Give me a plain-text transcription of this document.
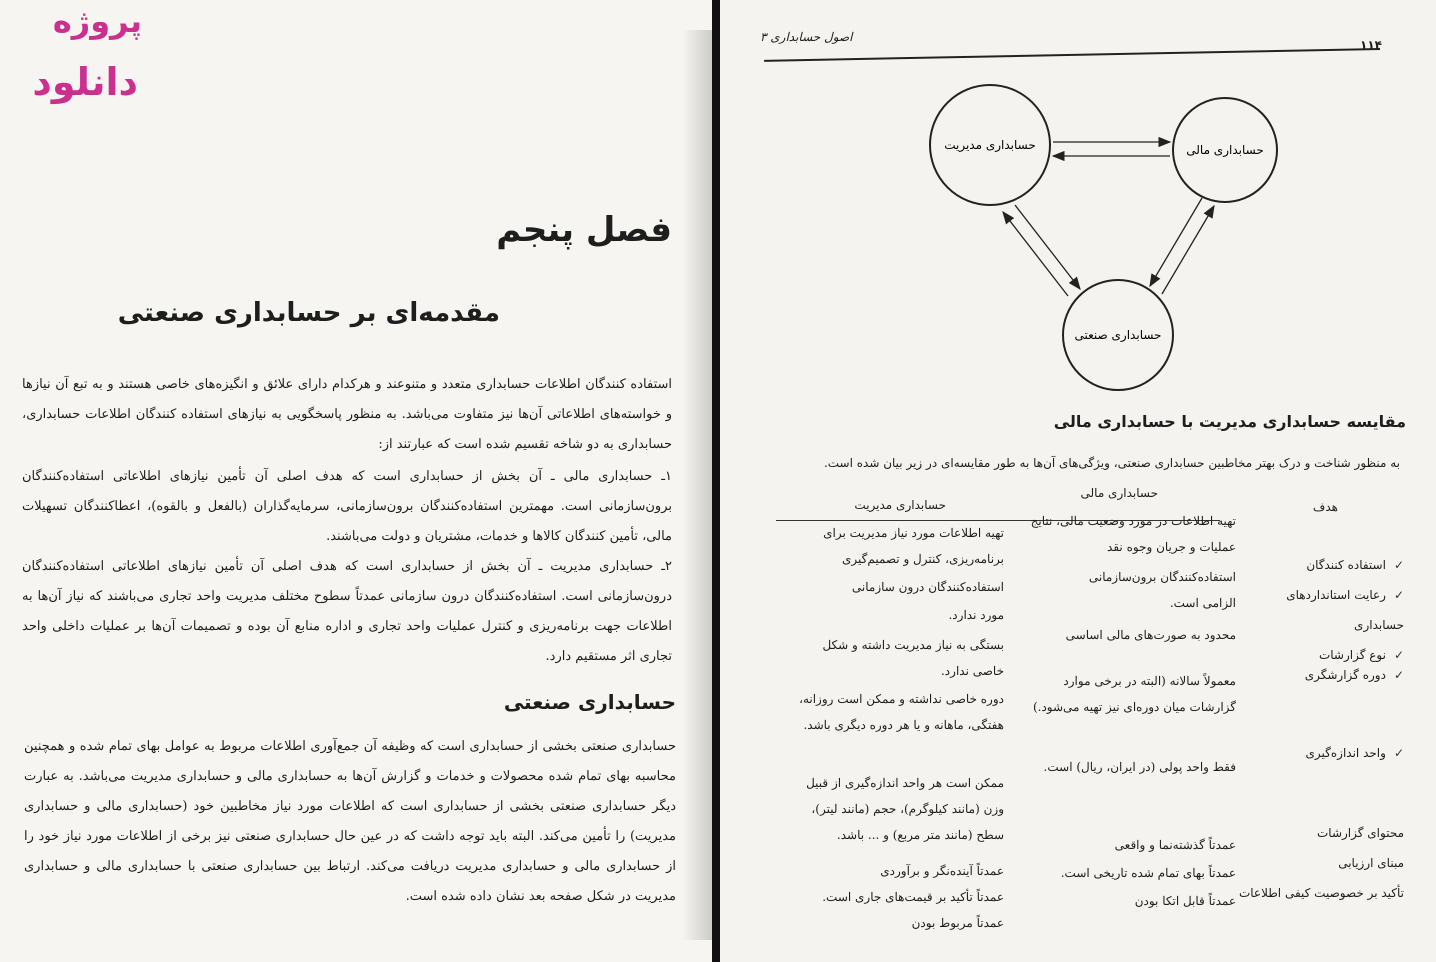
پروژه
دانلود
فصل پنجم
مقدمه‌ای بر حسابداری صنعتی
استفاده کنندگان اطلاعات حسابداری متعدد و متنوعند و هرکدام دارای علائق و انگیزه‌های خاصی هستند و به تبع آن نیازها و خواسته‌های اطلاعاتی آن‌ها نیز متفاوت می‌باشد. به منظور پاسخگویی به نیازهای استفاده کنندگان اطلاعات حسابداری، حسابداری به دو شاخه تقسیم شده است که عبارتند از:
۱ـ حسابداری مالی ـ آن بخش از حسابداری است که هدف اصلی آن تأمین نیازهای اطلاعاتی استفاده‌کنندگان برون‌سازمانی است. مهمترین استفاده‌کنندگان برون‌سازمانی، سرمایه‌گذاران (بالفعل و بالقوه)، اعطاکنندگان تسهیلات مالی، تأمین کنندگان کالاها و خدمات، مشتریان و دولت می‌باشند.
۲ـ حسابداری مدیریت ـ آن بخش از حسابداری است که هدف اصلی آن تأمین نیازهای اطلاعاتی استفاده‌کنندگان درون‌سازمانی است. استفاده‌کنندگان درون سازمانی عمدتاً سطوح مختلف مدیریت واحد تجاری می‌باشند که نیاز آن‌ها به اطلاعات جهت برنامه‌ریزی و کنترل عملیات واحد تجاری و اداره منابع آن بوده و تصمیمات آن‌ها بر عملیات داخلی واحد تجاری اثر مستقیم دارد.
حسابداری صنعتی
حسابداری صنعتی بخشی از حسابداری است که وظیفه آن جمع‌آوری اطلاعات مربوط به عوامل بهای تمام شده و همچنین محاسبه بهای تمام شده محصولات و خدمات و گزارش آن‌ها به حسابداری مالی و حسابداری مدیریت می‌باشد. به عبارت دیگر حسابداری صنعتی بخشی از حسابداری است که اطلاعات مورد نیاز مخاطبین خود (حسابداری مالی و حسابداری مدیریت) را تأمین می‌کند. البته باید توجه داشت که در عین حال حسابداری صنعتی نیز برخی از اطلاعات مورد نیاز خود را از حسابداری مالی و حسابداری مدیریت دریافت می‌کند. ارتباط بین حسابداری صنعتی با حسابداری مالی و حسابداری مدیریت در شکل صفحه بعد نشان داده شده است.
۱۱۴
اصول حسابداری ۳
حسابداری مدیریت	حسابداری مالی
حسابداری صنعتی
مقایسه حسابداری مدیریت با حسابداری مالی
به منظور شناخت و درک بهتر مخاطبین حسابداری صنعتی، ویژگی‌های آن‌ها به طور مقایسه‌ای در زیر بیان شده است.
هدف
حسابداری مالی
حسابداری مدیریت
✓استفاده کنندگان
✓رعایت استانداردهای حسابداری
✓نوع گزارشات
✓دوره گزارشگری
✓واحد اندازه‌گیری
محتوای گزارشات
مبنای ارزیابی
تأکید بر خصوصیت کیفی اطلاعات
تهیه اطلاعات در مورد وضعیت مالی، نتایج عملیات و جریان وجوه نقد
استفاده‌کنندگان برون‌سازمانی
الزامی است.
محدود به صورت‌های مالی اساسی
معمولاً سالانه (البته در برخی موارد گزارشات میان دوره‌ای نیز تهیه می‌شود.)
فقط واحد پولی (در ایران، ریال) است.
عمدتاً گذشته‌نما و واقعی
عمدتاً بهای تمام شده تاریخی است.
عمدتاً قابل اتکا بودن
تهیه اطلاعات مورد نیاز مدیریت برای برنامه‌ریزی، کنترل و تصمیم‌گیری
استفاده‌کنندگان درون سازمانی
مورد ندارد.
بستگی به نیاز مدیریت داشته و شکل خاصی ندارد.
دوره خاصی نداشته و ممکن است روزانه، هفتگی، ماهانه و یا هر دوره دیگری باشد.
ممکن است هر واحد اندازه‌گیری از قبیل وزن (مانند کیلوگرم)، حجم (مانند لیتر)، سطح (مانند متر مربع) و ... باشد.
عمدتاً آینده‌نگر و برآوردی
عمدتاً تأکید بر قیمت‌های جاری است.
عمدتاً مربوط بودن
